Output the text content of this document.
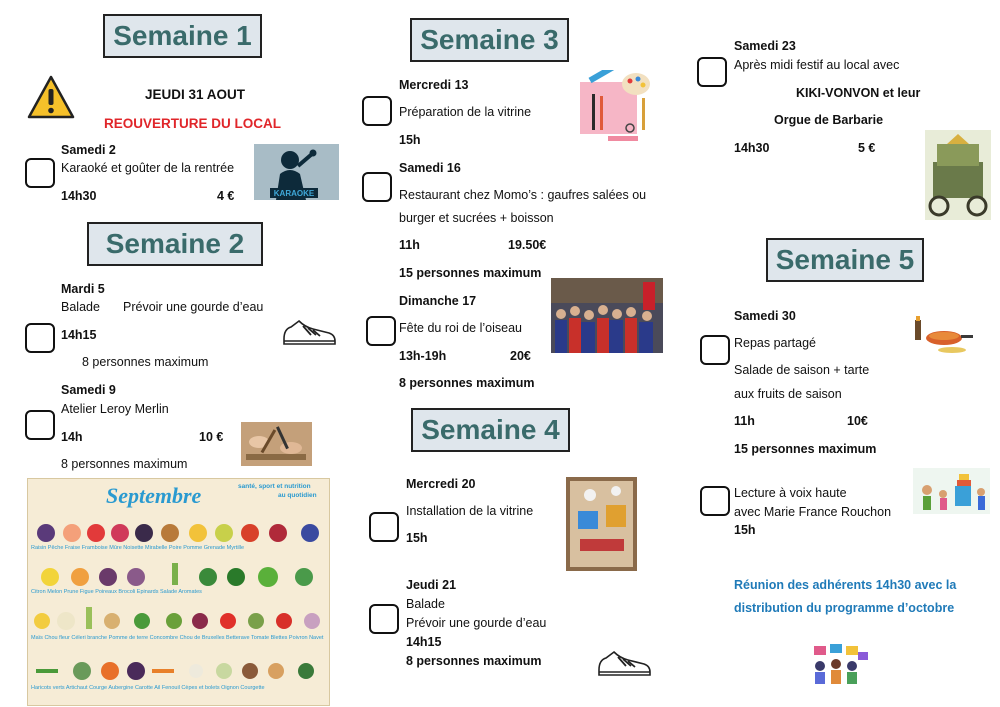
Semaine 1
JEUDI 31 AOUT
REOUVERTURE DU LOCAL
Samedi 2
Karaoké et goûter de la rentrée
14h30	4 €	KARAOKE
Semaine 2
Mardi 5
Balade Prévoir une gourde d’eau
14h15
8 personnes maximum
Samedi 9
Atelier Leroy Merlin
14h	10 €
8 personnes maximum
Septembre	santé, sport et nutrition
au quotidien
Raisin Pêche Fraise Framboise Mûre Noisette Mirabelle Poire Pomme Grenade Myrtille
Citron Melon Prune Figue Poireaux Brocoli Épinards Salade Aromates
Maïs Chou fleur Céleri branche Pomme de terre Concombre Chou de Bruxelles Betterave Tomate Blettes Poivron Navet
Haricots verts Artichaut Courge Aubergine Carotte Ail Fenouil Cèpes et bolets Oignon Courgette
Semaine 3
Mercredi 13
Préparation de la vitrine
15h
Samedi 16
Restaurant chez Momo’s : gaufres salées ou
burger et sucrées + boisson
11h	19.50€
15 personnes maximum
Dimanche 17
Fête du roi de l’oiseau
13h-19h	20€
8 personnes maximum
Semaine 4
Mercredi 20
Installation de la vitrine
15h
Jeudi 21
Balade
Prévoir une gourde d’eau
14h15
8 personnes maximum
Samedi 23
Après midi festif au local avec
KIKI-VONVON et leur
Orgue de Barbarie
14h30	5 €
Semaine 5
Samedi 30
Repas partagé
Salade de saison + tarte
aux fruits de saison
11h	10€
15 personnes maximum
Lecture à voix haute
avec Marie France Rouchon
15h
Réunion des adhérents 14h30 avec la
distribution du programme d’octobre
